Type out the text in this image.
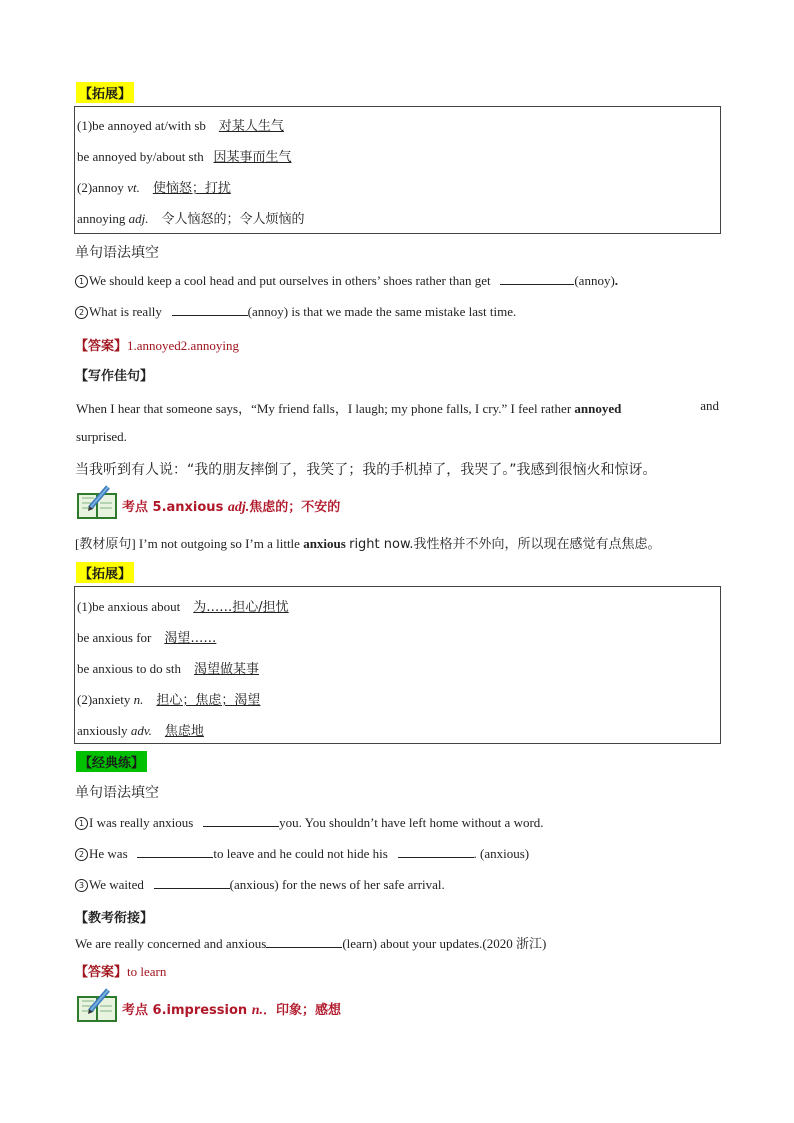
【拓展】
(1)be annoyed at/with sb 对某人生气
be annoyed by/about sth 因某事而生气
(2)annoy vt. 使恼怒；打扰
annoying adj. 令人恼怒的；令人烦恼的
单句语法填空
1 We should keep a cool head and put ourselves in others’ shoes rather than get	(annoy).
2 What is really	(annoy) is that we made the same mistake last time.
【答案】1.annoyed2.annoying
【写作佳句】
When I hear that someone says，“My friend falls，I laugh; my phone falls, I cry.” I feel rather annoyed	and
surprised.
当我听到有人说：“我的朋友摔倒了，我笑了；我的手机掉了，我哭了。”我感到很恼火和惊讶。
考点 5.anxious adj.焦虑的；不安的
[教材原句] I’m not outgoing so I’m a little anxious right now.我性格并不外向，所以现在感觉有点焦虑。
【拓展】
(1)be anxious about 为……担心/担忧
be anxious for 渴望……
be anxious to do sth 渴望做某事
(2)anxiety n. 担心；焦虑；渴望
anxiously adv. 焦虑地
【经典练】
单句语法填空
1 I was really anxious	you. You shouldn’t have left home without a word.
2 He was	to leave and he could not hide his	. (anxious)
3 We waited	(anxious) for the news of her safe arrival.
【教考衔接】
We are really concerned and anxious	(learn) about your updates.(2020 浙江)
【答案】to learn
考点 6.impression n.．印象；感想
